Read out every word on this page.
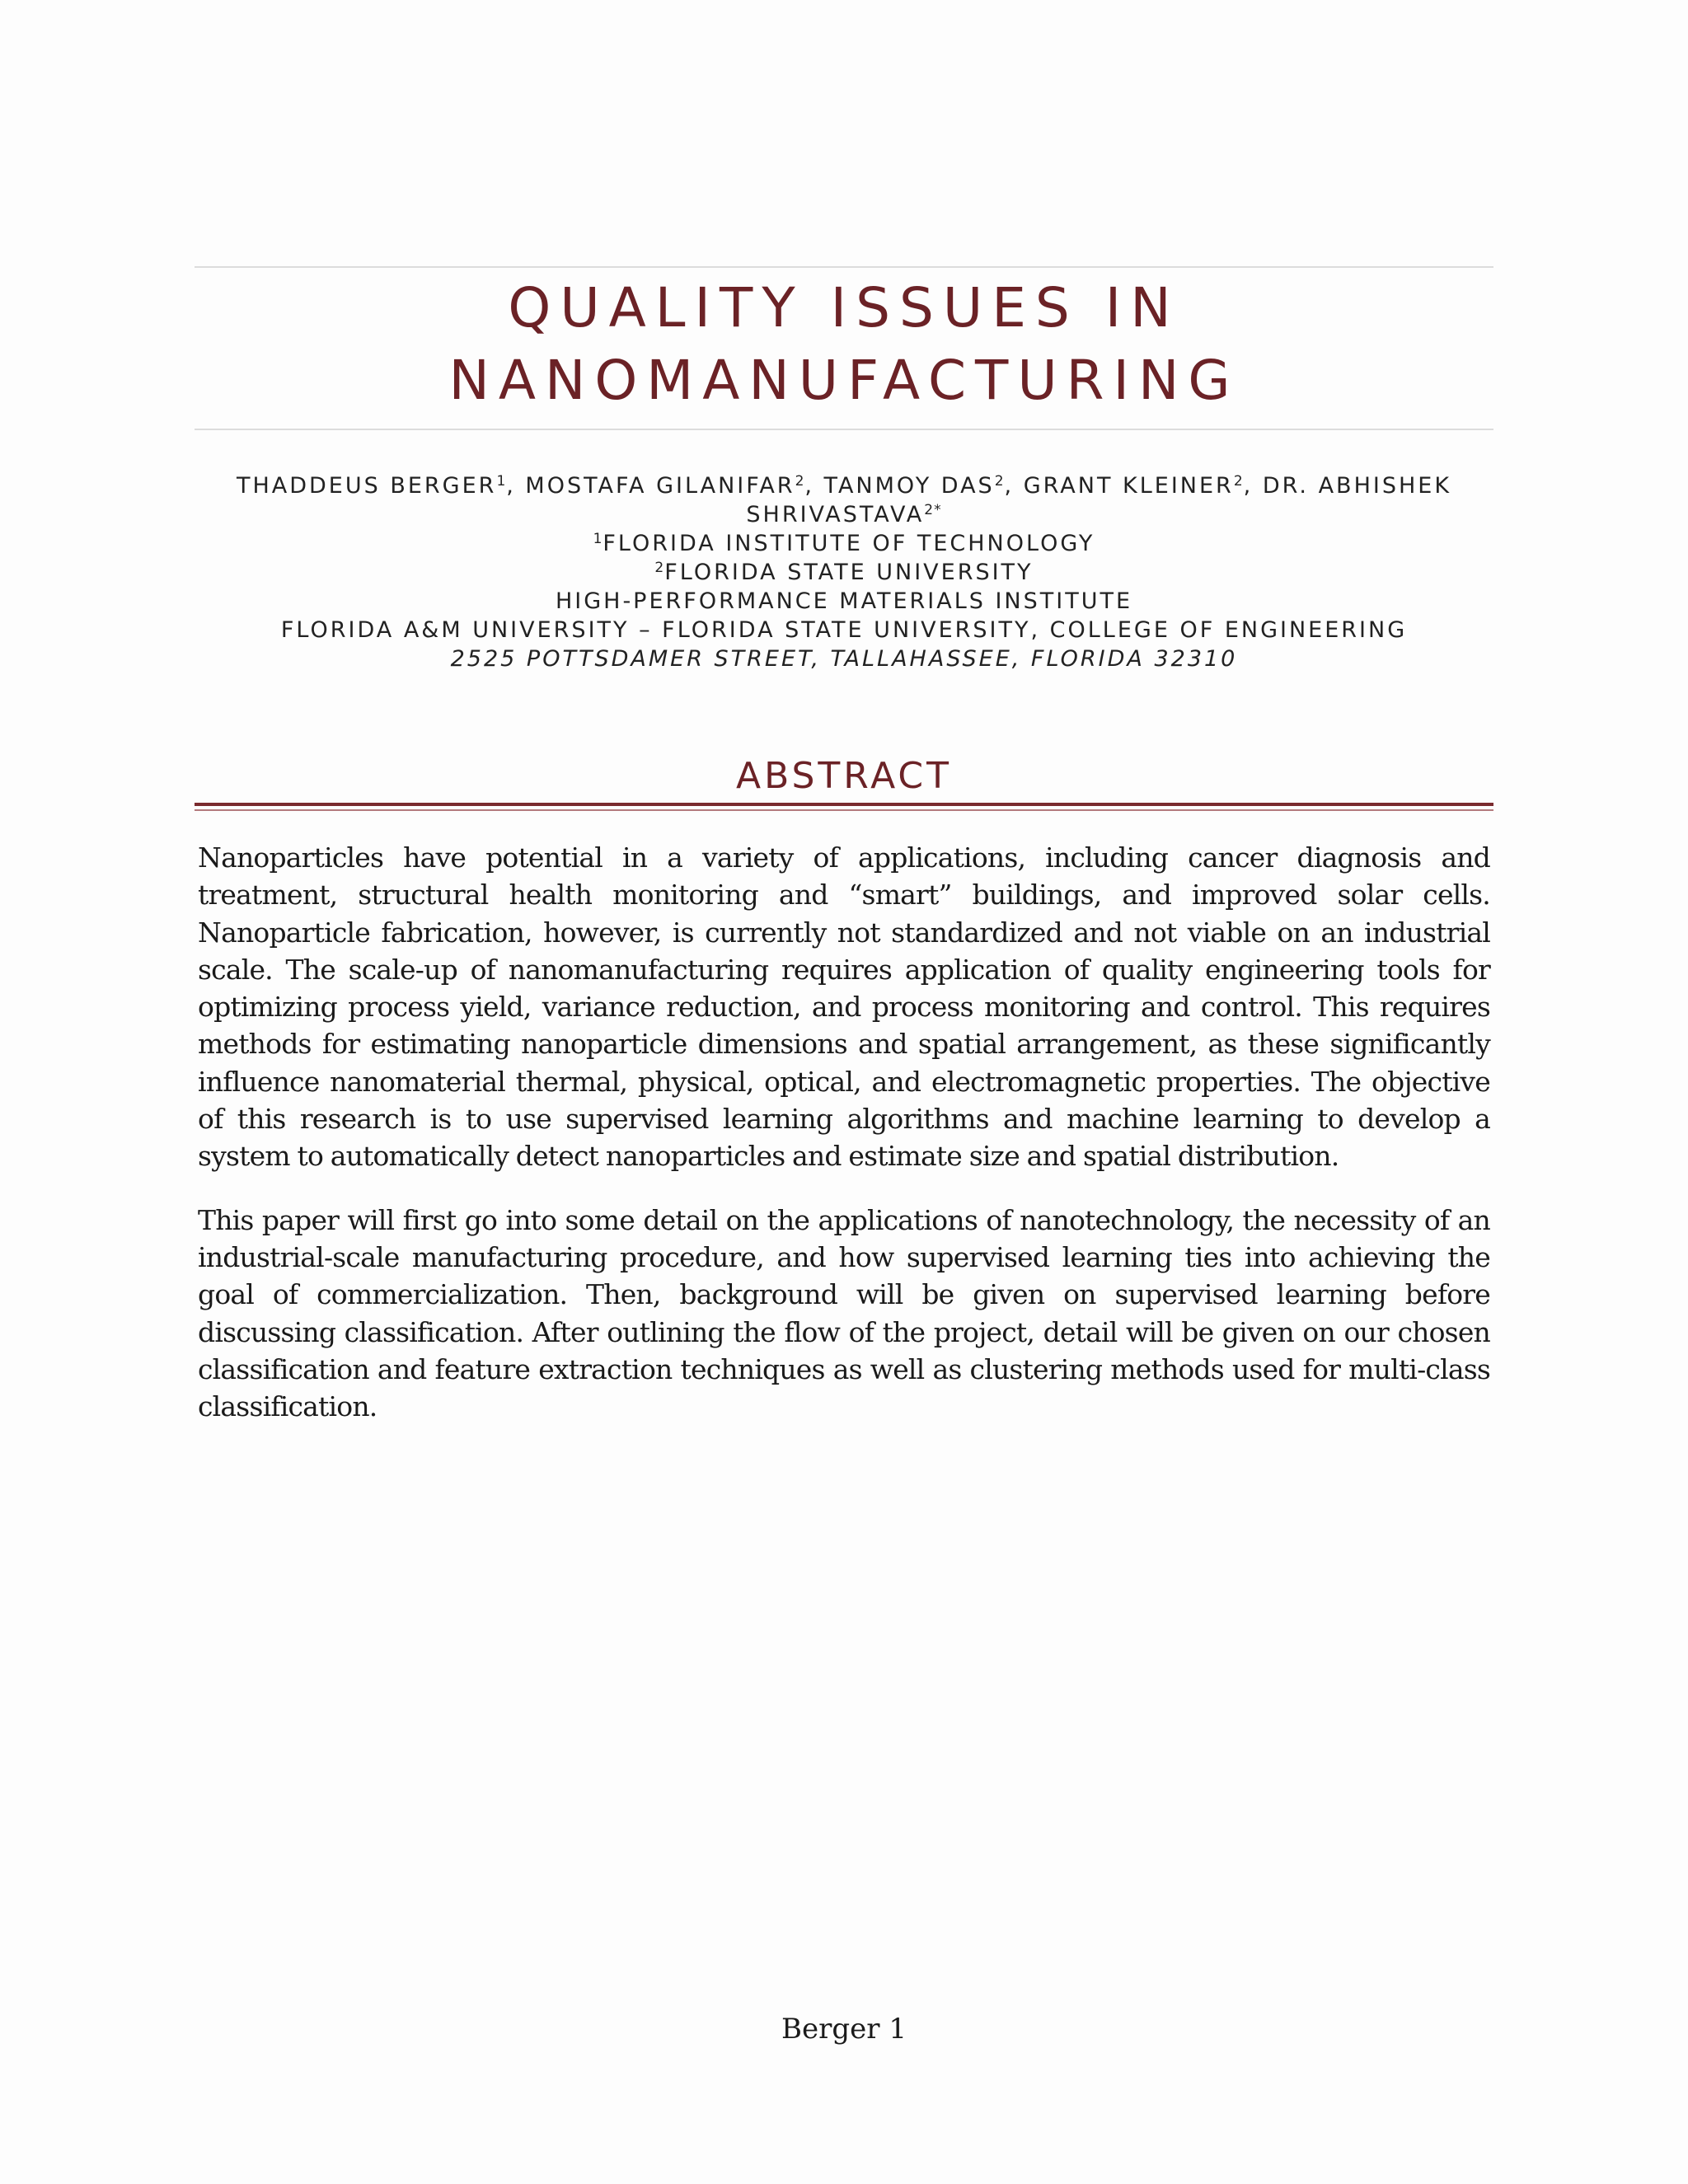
QUALITY ISSUES IN
NANOMANUFACTURING
THADDEUS BERGER$^1$, MOSTAFA GILANIFAR$^2$, TANMOY DAS$^2$, GRANT KLEINER$^2$, DR. ABHISHEK
$SHRIVASTAVA^{2*}$
$^1$FLORIDA INSTITUTE OF TECHNOLOGY
$^2$FLORIDA STATE UNIVERSITY
HIGH-PERFORMANCE MATERIALS INSTITUTE
FLORIDA A&M UNIVERSITY – FLORIDA STATE UNIVERSITY, COLLEGE OF ENGINEERING
2525 POTTSDAMER STREET, TALLAHASSEE, FLORIDA 32310
ABSTRACT

Nanoparticles have potential in a variety of applications, including cancer diagnosis and treatment, structural health monitoring and “smart” buildings, and improved solar cells. Nanoparticle fabrication, however, is currently not standardized and not viable on an industrial scale. The scale-up of nanomanufacturing requires application of quality engineering tools for optimizing process yield, variance reduction, and process monitoring and control. This requires methods for estimating nanoparticle dimensions and spatial arrangement, as these significantly influence nanomaterial thermal, physical, optical, and electromagnetic properties. The objective of this research is to use supervised learning algorithms and machine learning to develop a system to automatically detect nanoparticles and estimate size and spatial distribution.

This paper will first go into some detail on the applications of nanotechnology, the necessity of an industrial-scale manufacturing procedure, and how supervised learning ties into achieving the goal of commercialization. Then, background will be given on supervised learning before discussing classification. After outlining the flow of the project, detail will be given on our chosen classification and feature extraction techniques as well as clustering methods used for multi-class classification.

Berger 1
